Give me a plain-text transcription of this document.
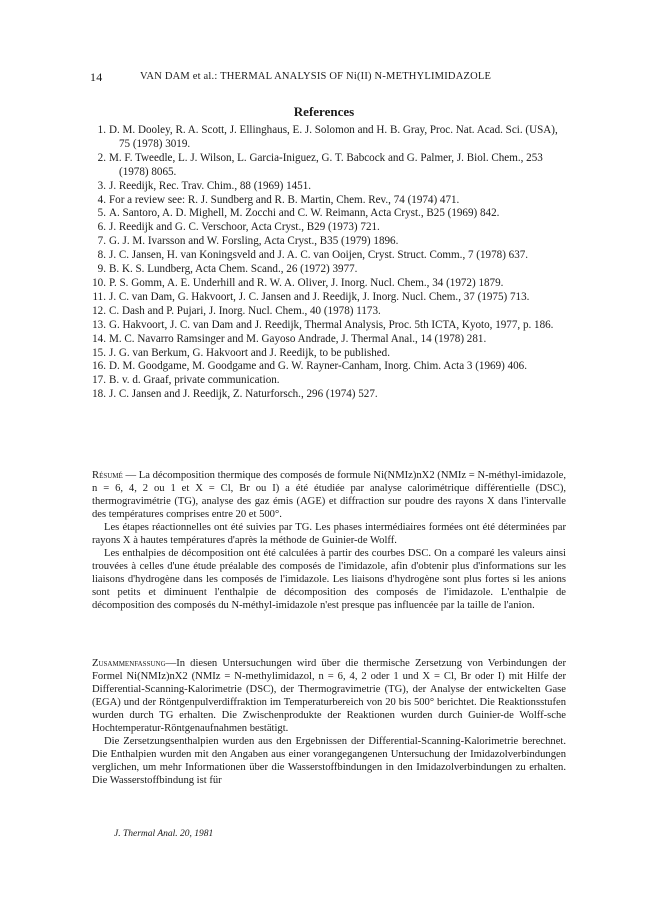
14	VAN DAM et al.: THERMAL ANALYSIS OF Ni(II) N-METHYLIMIDAZOLE
References
1. D. M. Dooley, R. A. Scott, J. Ellinghaus, E. J. Solomon and H. B. Gray, Proc. Nat. Acad. Sci. (USA), 75 (1978) 3019.
2. M. F. Tweedle, L. J. Wilson, L. Garcia-Iniguez, G. T. Babcock and G. Palmer, J. Biol. Chem., 253 (1978) 8065.
3. J. Reedijk, Rec. Trav. Chim., 88 (1969) 1451.
4. For a review see: R. J. Sundberg and R. B. Martin, Chem. Rev., 74 (1974) 471.
5. A. Santoro, A. D. Mighell, M. Zocchi and C. W. Reimann, Acta Cryst., B25 (1969) 842.
6. J. Reedijk and G. C. Verschoor, Acta Cryst., B29 (1973) 721.
7. G. J. M. Ivarsson and W. Forsling, Acta Cryst., B35 (1979) 1896.
8. J. C. Jansen, H. van Koningsveld and J. A. C. van Ooijen, Cryst. Struct. Comm., 7 (1978) 637.
9. B. K. S. Lundberg, Acta Chem. Scand., 26 (1972) 3977.
10. P. S. Gomm, A. E. Underhill and R. W. A. Oliver, J. Inorg. Nucl. Chem., 34 (1972) 1879.
11. J. C. van Dam, G. Hakvoort, J. C. Jansen and J. Reedijk, J. Inorg. Nucl. Chem., 37 (1975) 713.
12. C. Dash and P. Pujari, J. Inorg. Nucl. Chem., 40 (1978) 1173.
13. G. Hakvoort, J. C. van Dam and J. Reedijk, Thermal Analysis, Proc. 5th ICTA, Kyoto, 1977, p. 186.
14. M. C. Navarro Ramsinger and M. Gayoso Andrade, J. Thermal Anal., 14 (1978) 281.
15. J. G. van Berkum, G. Hakvoort and J. Reedijk, to be published.
16. D. M. Goodgame, M. Goodgame and G. W. Rayner-Canham, Inorg. Chim. Acta 3 (1969) 406.
17. B. v. d. Graaf, private communication.
18. J. C. Jansen and J. Reedijk, Z. Naturforsch., 296 (1974) 527.

Résumé — La décomposition thermique des composés de formule Ni(NMIz)nX2 (NMIz = N-méthyl-imidazole, n = 6, 4, 2 ou 1 et X = Cl, Br ou I) a été étudiée par analyse calorimétrique différentielle (DSC), thermogravimétrie (TG), analyse des gaz émis (AGE) et diffraction sur poudre des rayons X dans l'intervalle des températures comprises entre 20 et 500°.

Les étapes réactionnelles ont été suivies par TG. Les phases intermédiaires formées ont été déterminées par rayons X à hautes températures d'après la méthode de Guinier-de Wolff.

Les enthalpies de décomposition ont été calculées à partir des courbes DSC. On a comparé les valeurs ainsi trouvées à celles d'une étude préalable des composés de l'imidazole, afin d'obtenir plus d'informations sur les liaisons d'hydrogène dans les composés de l'imidazole. Les liaisons d'hydrogène sont plus fortes si les anions sont petits et diminuent l'enthalpie de décomposition des composés de l'imidazole. L'enthalpie de décomposition des composés du N-méthyl-imidazole n'est presque pas influencée par la taille de l'anion.

Zusammenfassung—In diesen Untersuchungen wird über die thermische Zersetzung von Verbindungen der Formel Ni(NMIz)nX2 (NMIz = N-methylimidazol, n = 6, 4, 2 oder 1 und X = Cl, Br oder I) mit Hilfe der Differential-Scanning-Kalorimetrie (DSC), der Thermogravimetrie (TG), der Analyse der entwickelten Gase (EGA) und der Röntgenpulverdiffraktion im Temperaturbereich von 20 bis 500° berichtet. Die Reaktionsstufen wurden durch TG erhalten. Die Zwischenprodukte der Reaktionen wurden durch Guinier-de Wolff-sche Hochtemperatur-Röntgenaufnahmen bestätigt.

Die Zersetzungsenthalpien wurden aus den Ergebnissen der Differential-Scanning-Kalorimetrie berechnet. Die Enthalpien wurden mit den Angaben aus einer vorangegangenen Untersuchung der Imidazolverbindungen verglichen, um mehr Informationen über die Wasserstoffbindungen in den Imidazolverbindungen zu erhalten. Die Wasserstoffbindung ist für

J. Thermal Anal. 20, 1981
